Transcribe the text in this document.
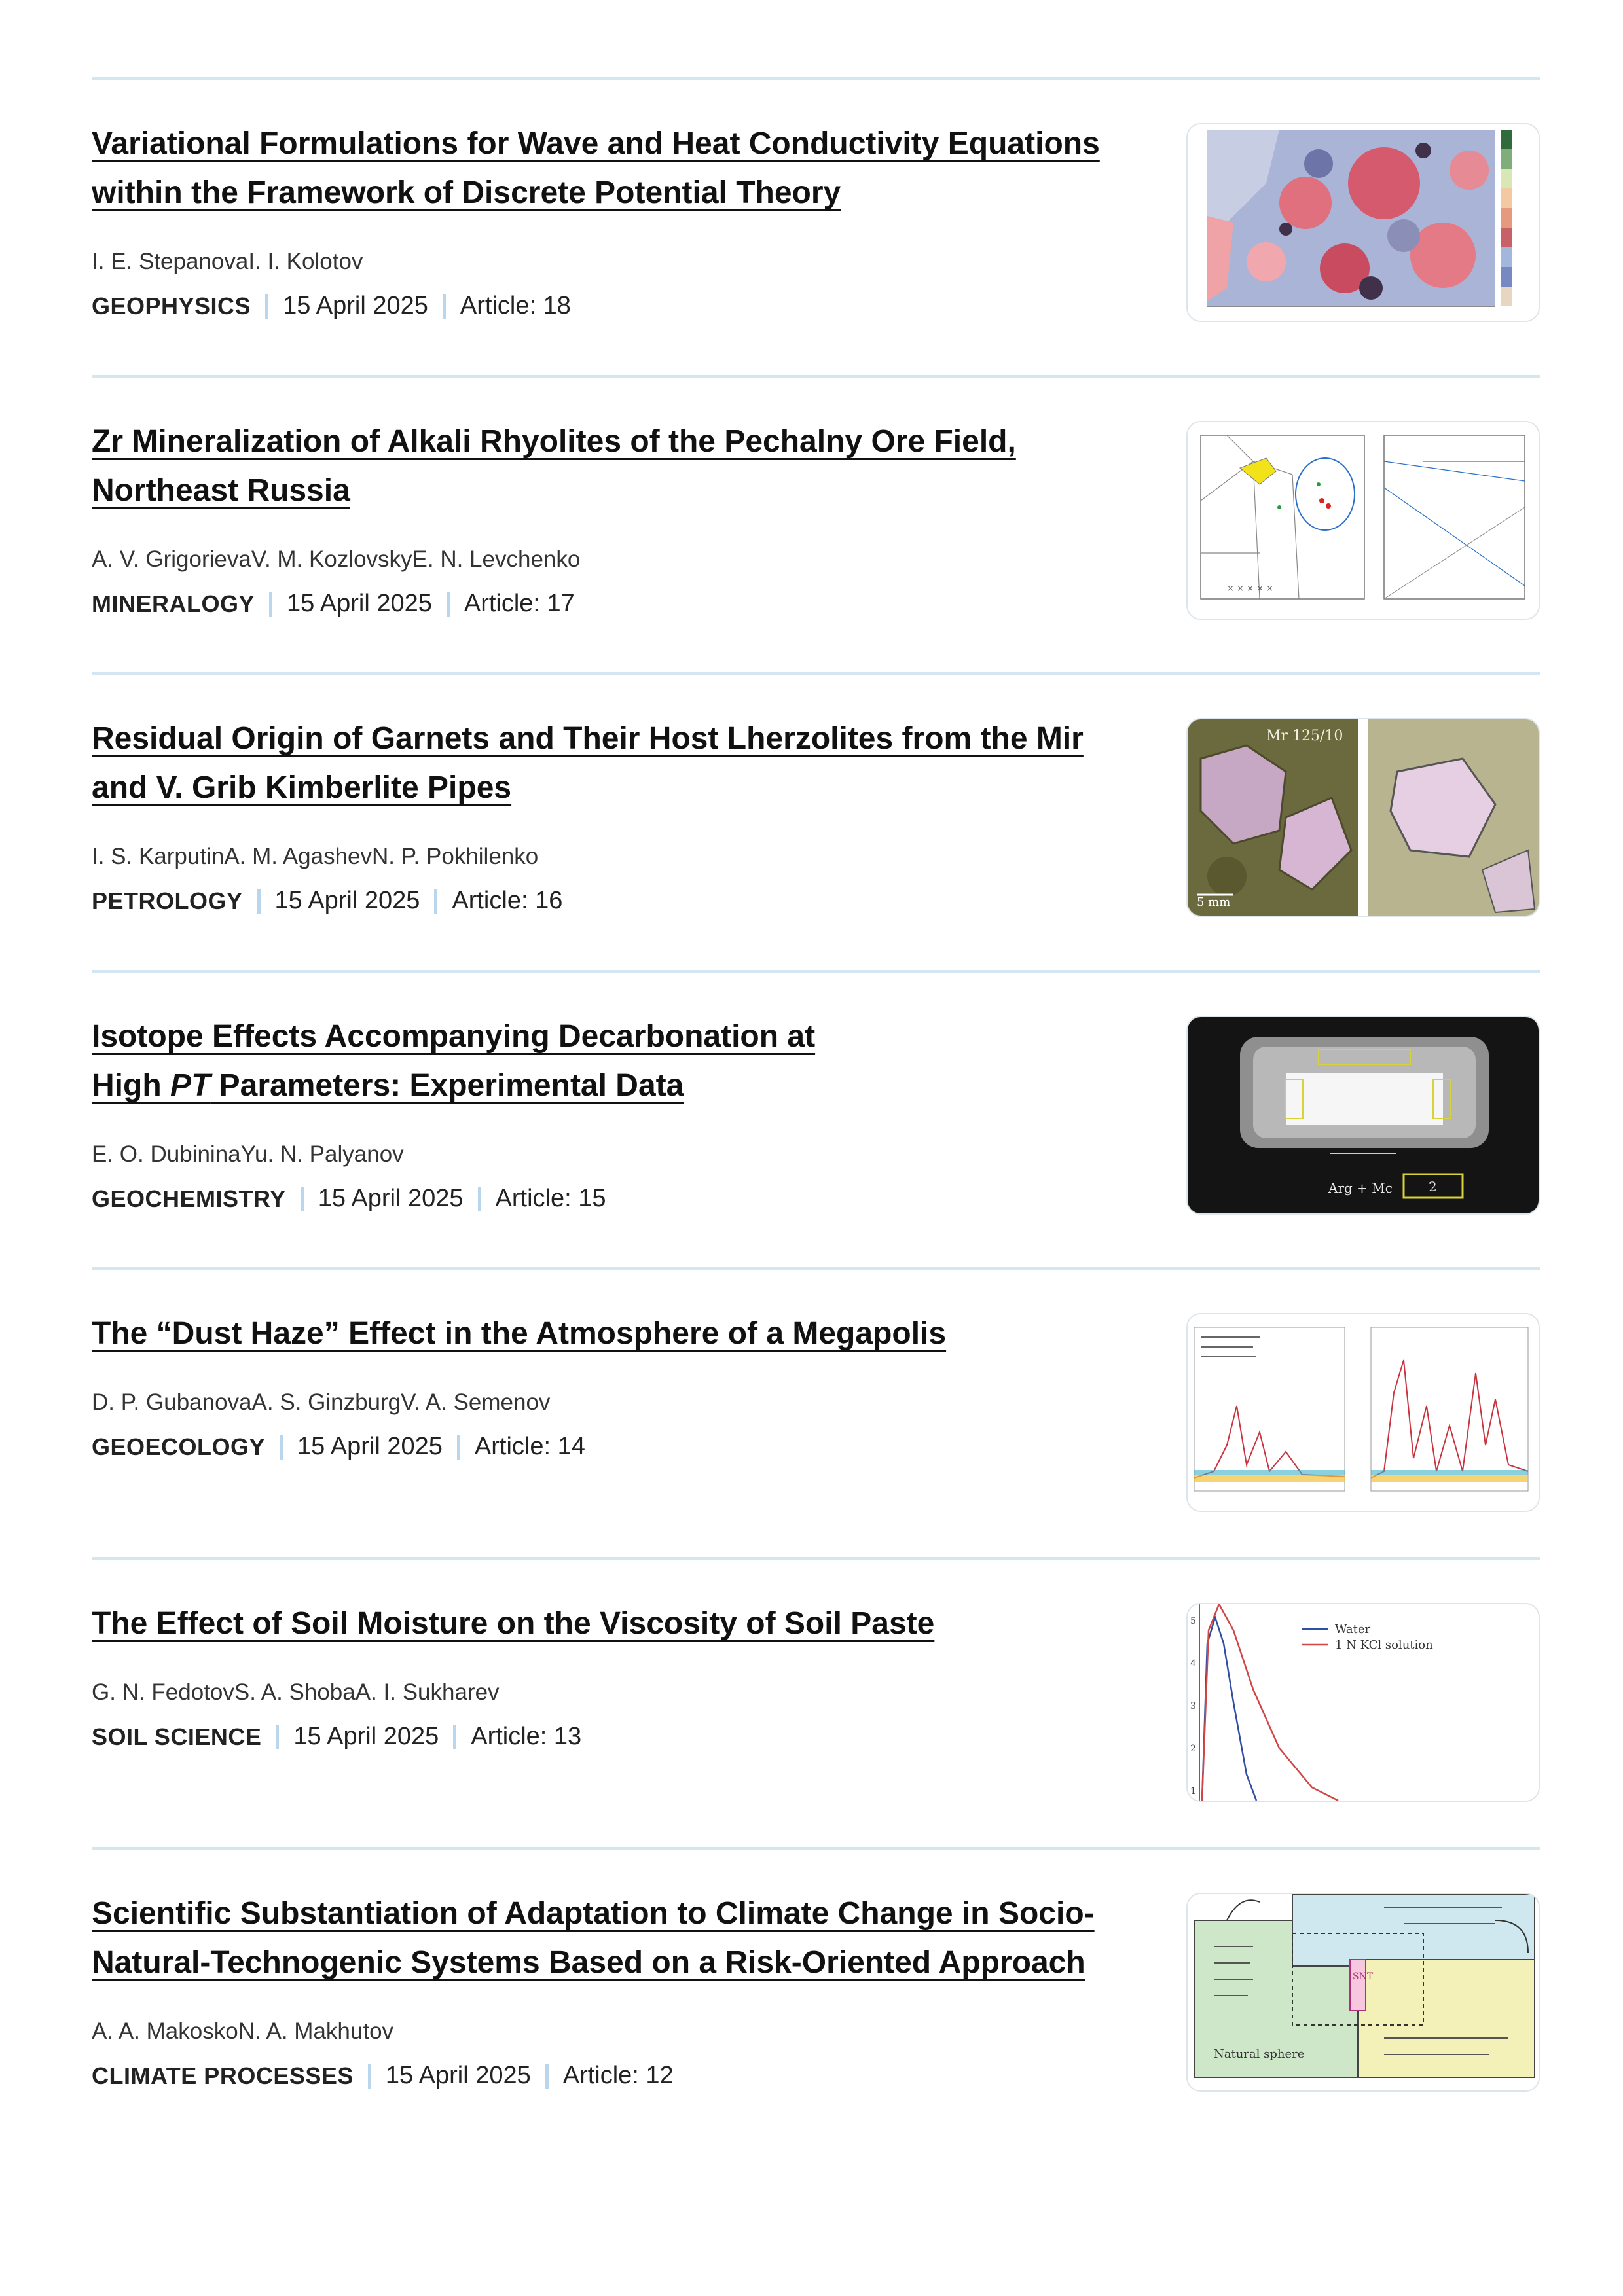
Variational Formulations for Wave and Heat Conductivity Equations
within the Framework of Discrete Potential Theory
I. E. StepanovaI. I. Kolotov
GEOPHYSICS 15 April 2025 Article: 18
Zr Mineralization of Alkali Rhyolites of the Pechalny Ore Field,
Northeast Russia
A. V. GrigorievaV. M. KozlovskyE. N. Levchenko
MINERALOGY 15 April 2025 Article: 17
× × × × ×
Residual Origin of Garnets and Their Host Lherzolites from the Mir
and V. Grib Kimberlite Pipes
I. S. KarputinA. M. AgashevN. P. Pokhilenko
PETROLOGY 15 April 2025 Article: 16
Mr 125/10
5 mm
Isotope Effects Accompanying Decarbonation at
High PT Parameters: Experimental Data
E. O. DubininaYu. N. Palyanov
GEOCHEMISTRY 15 April 2025 Article: 15	Arg + Mc	2
The “Dust Haze” Effect in the Atmosphere of a Megapolis
D. P. GubanovaA. S. GinzburgV. A. Semenov
GEOECOLOGY 15 April 2025 Article: 14
The Effect of Soil Moisture on the Viscosity of Soil Paste
G. N. FedotovS. A. ShobaA. I. Sukharev
SOIL SCIENCE 15 April 2025 Article: 13
5
4
3
2
1
Water
1 N KCl solution
Scientific Substantiation of Adaptation to Climate Change in Socio-
Natural-Technogenic Systems Based on a Risk-Oriented Approach
A. A. MakoskoN. A. Makhutov
CLIMATE PROCESSES 15 April 2025 Article: 12
SNT
Natural sphere
